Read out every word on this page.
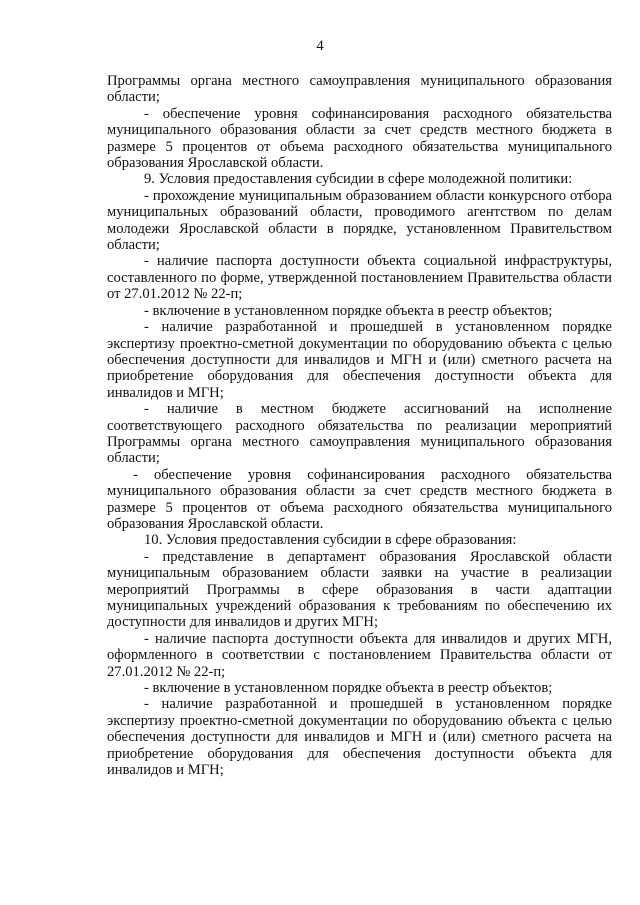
4

Программы органа местного самоуправления муниципального образования области;

- обеспечение уровня софинансирования расходного обязательства муниципального образования области за счет средств местного бюджета в размере 5 процентов от объема расходного обязательства муниципального образования Ярославской области.

9. Условия предоставления субсидии в сфере молодежной политики:

- прохождение муниципальным образованием области конкурсного отбора муниципальных образований области, проводимого агентством по делам молодежи Ярославской области в порядке, установленном Правительством области;

- наличие паспорта доступности объекта социальной инфраструктуры, составленного по форме, утвержденной постановлением Правительства области от 27.01.2012 № 22-п;

- включение в установленном порядке объекта в реестр объектов;

- наличие разработанной и прошедшей в установленном порядке экспертизу проектно-сметной документации по оборудованию объекта с целью обеспечения доступности для инвалидов и МГН и (или) сметного расчета на приобретение оборудования для обеспечения доступности объекта для инвалидов и МГН;

- наличие в местном бюджете ассигнований на исполнение соответствующего расходного обязательства по реализации мероприятий Программы органа местного самоуправления муниципального образования области;

- обеспечение уровня софинансирования расходного обязательства муниципального образования области за счет средств местного бюджета в размере 5 процентов от объема расходного обязательства муниципального образования Ярославской области.

10. Условия предоставления субсидии в сфере образования:

- представление в департамент образования Ярославской области муниципальным образованием области заявки на участие в реализации мероприятий Программы в сфере образования в части адаптации муниципальных учреждений образования к требованиям по обеспечению их доступности для инвалидов и других МГН;

- наличие паспорта доступности объекта для инвалидов и других МГН, оформленного в соответствии с постановлением Правительства области от 27.01.2012 № 22-п;

- включение в установленном порядке объекта в реестр объектов;

- наличие разработанной и прошедшей в установленном порядке экспертизу проектно-сметной документации по оборудованию объекта с целью обеспечения доступности для инвалидов и МГН и (или) сметного расчета на приобретение оборудования для обеспечения доступности объекта для инвалидов и МГН;
